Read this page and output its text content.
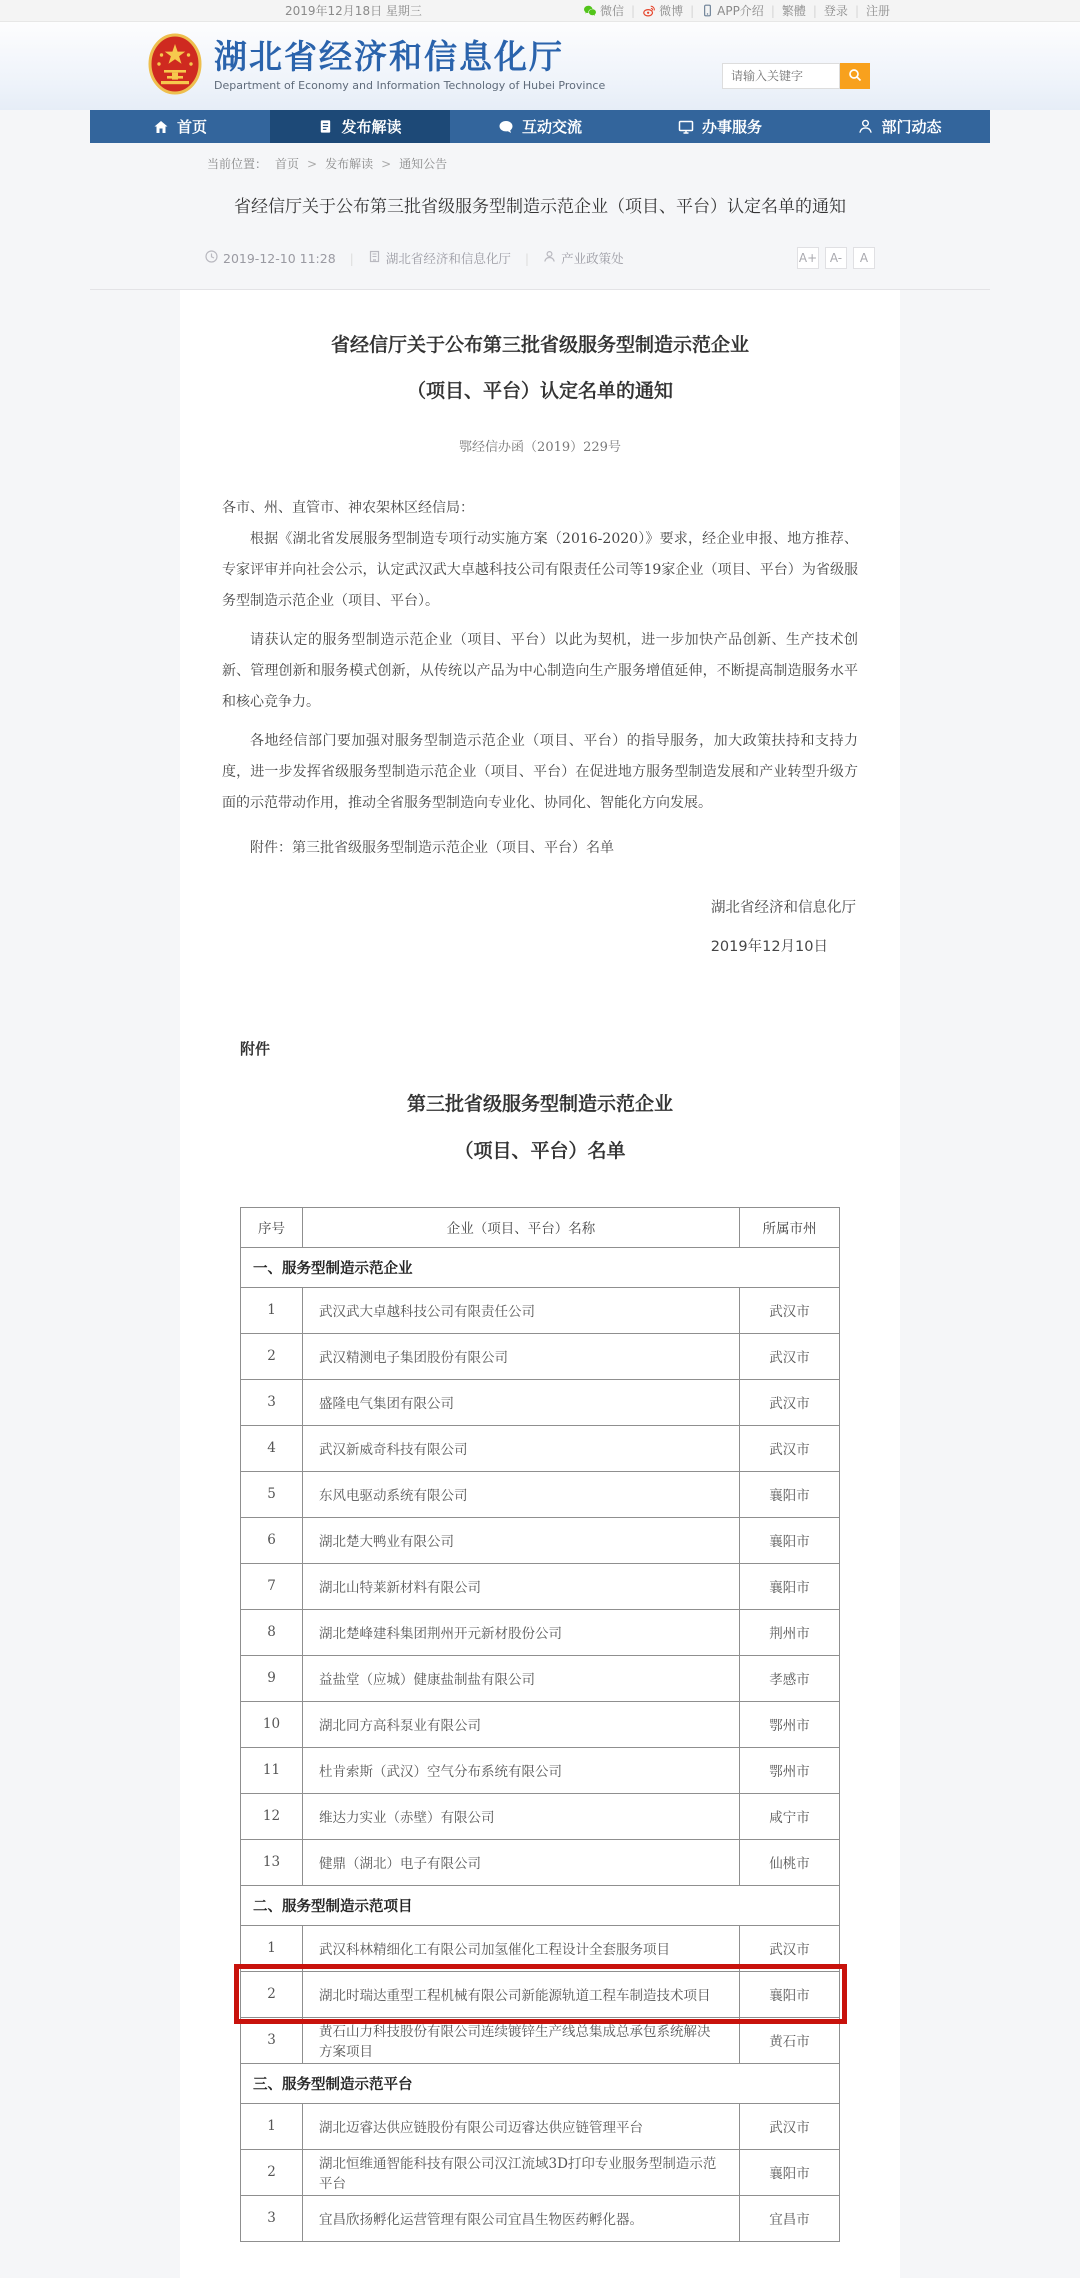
2019年12月18日 星期三	微信 | 微博 | APP介绍 | 繁體 | 登录 | 注册
湖北省经济和信息化厅
Department of Economy and Information Technology of Hubei Province
请输入关键字
首页	发布解读	互动交流	办事服务	部门动态
当前位置： 首页 > 发布解读 > 通知公告
省经信厅关于公布第三批省级服务型制造示范企业（项目、平台）认定名单的通知
2019-12-10 11:28 |	湖北省经济和信息化厅 |	产业政策处	A+	A-	A
省经信厅关于公布第三批省级服务型制造示范企业
（项目、平台）认定名单的通知
鄂经信办函（2019）229号

各市、州、直管市、神农架林区经信局：

根据《湖北省发展服务型制造专项行动实施方案（2016-2020）》要求，经企业申报、地方推荐、专家评审并向社会公示，认定武汉武大卓越科技公司有限责任公司等19家企业（项目、平台）为省级服务型制造示范企业（项目、平台）。

请获认定的服务型制造示范企业（项目、平台）以此为契机，进一步加快产品创新、生产技术创新、管理创新和服务模式创新，从传统以产品为中心制造向生产服务增值延伸，不断提高制造服务水平和核心竞争力。

各地经信部门要加强对服务型制造示范企业（项目、平台）的指导服务，加大政策扶持和支持力度，进一步发挥省级服务型制造示范企业（项目、平台）在促进地方服务型制造发展和产业转型升级方面的示范带动作用，推动全省服务型制造向专业化、协同化、智能化方向发展。

附件：第三批省级服务型制造示范企业（项目、平台）名单

湖北省经济和信息化厅
2019年12月10日
附件
第三批省级服务型制造示范企业
（项目、平台）名单
序号	企业（项目、平台）名称	所属市州
一、服务型制造示范企业		
1	武汉武大卓越科技公司有限责任公司	武汉市
2	武汉精测电子集团股份有限公司	武汉市
3	盛隆电气集团有限公司	武汉市
4	武汉新威奇科技有限公司	武汉市
5	东风电驱动系统有限公司	襄阳市
6	湖北楚大鸭业有限公司	襄阳市
7	湖北山特莱新材料有限公司	襄阳市
8	湖北楚峰建科集团荆州开元新材股份公司	荆州市
9	益盐堂（应城）健康盐制盐有限公司	孝感市
10	湖北同方高科泵业有限公司	鄂州市
11	杜肯索斯（武汉）空气分布系统有限公司	鄂州市
12	维达力实业（赤壁）有限公司	咸宁市
13	健鼎（湖北）电子有限公司	仙桃市
二、服务型制造示范项目		
1	武汉科林精细化工有限公司加氢催化工程设计全套服务项目	武汉市
2	湖北时瑞达重型工程机械有限公司新能源轨道工程车制造技术项目	襄阳市
3	黄石山力科技股份有限公司连续镀锌生产线总集成总承包系统解决方案项目	黄石市
三、服务型制造示范平台		
1	湖北迈睿达供应链股份有限公司迈睿达供应链管理平台	武汉市
2	湖北恒维通智能科技有限公司汉江流域3D打印专业服务型制造示范平台	襄阳市
3	宜昌欣扬孵化运营管理有限公司宜昌生物医药孵化器。	宜昌市
